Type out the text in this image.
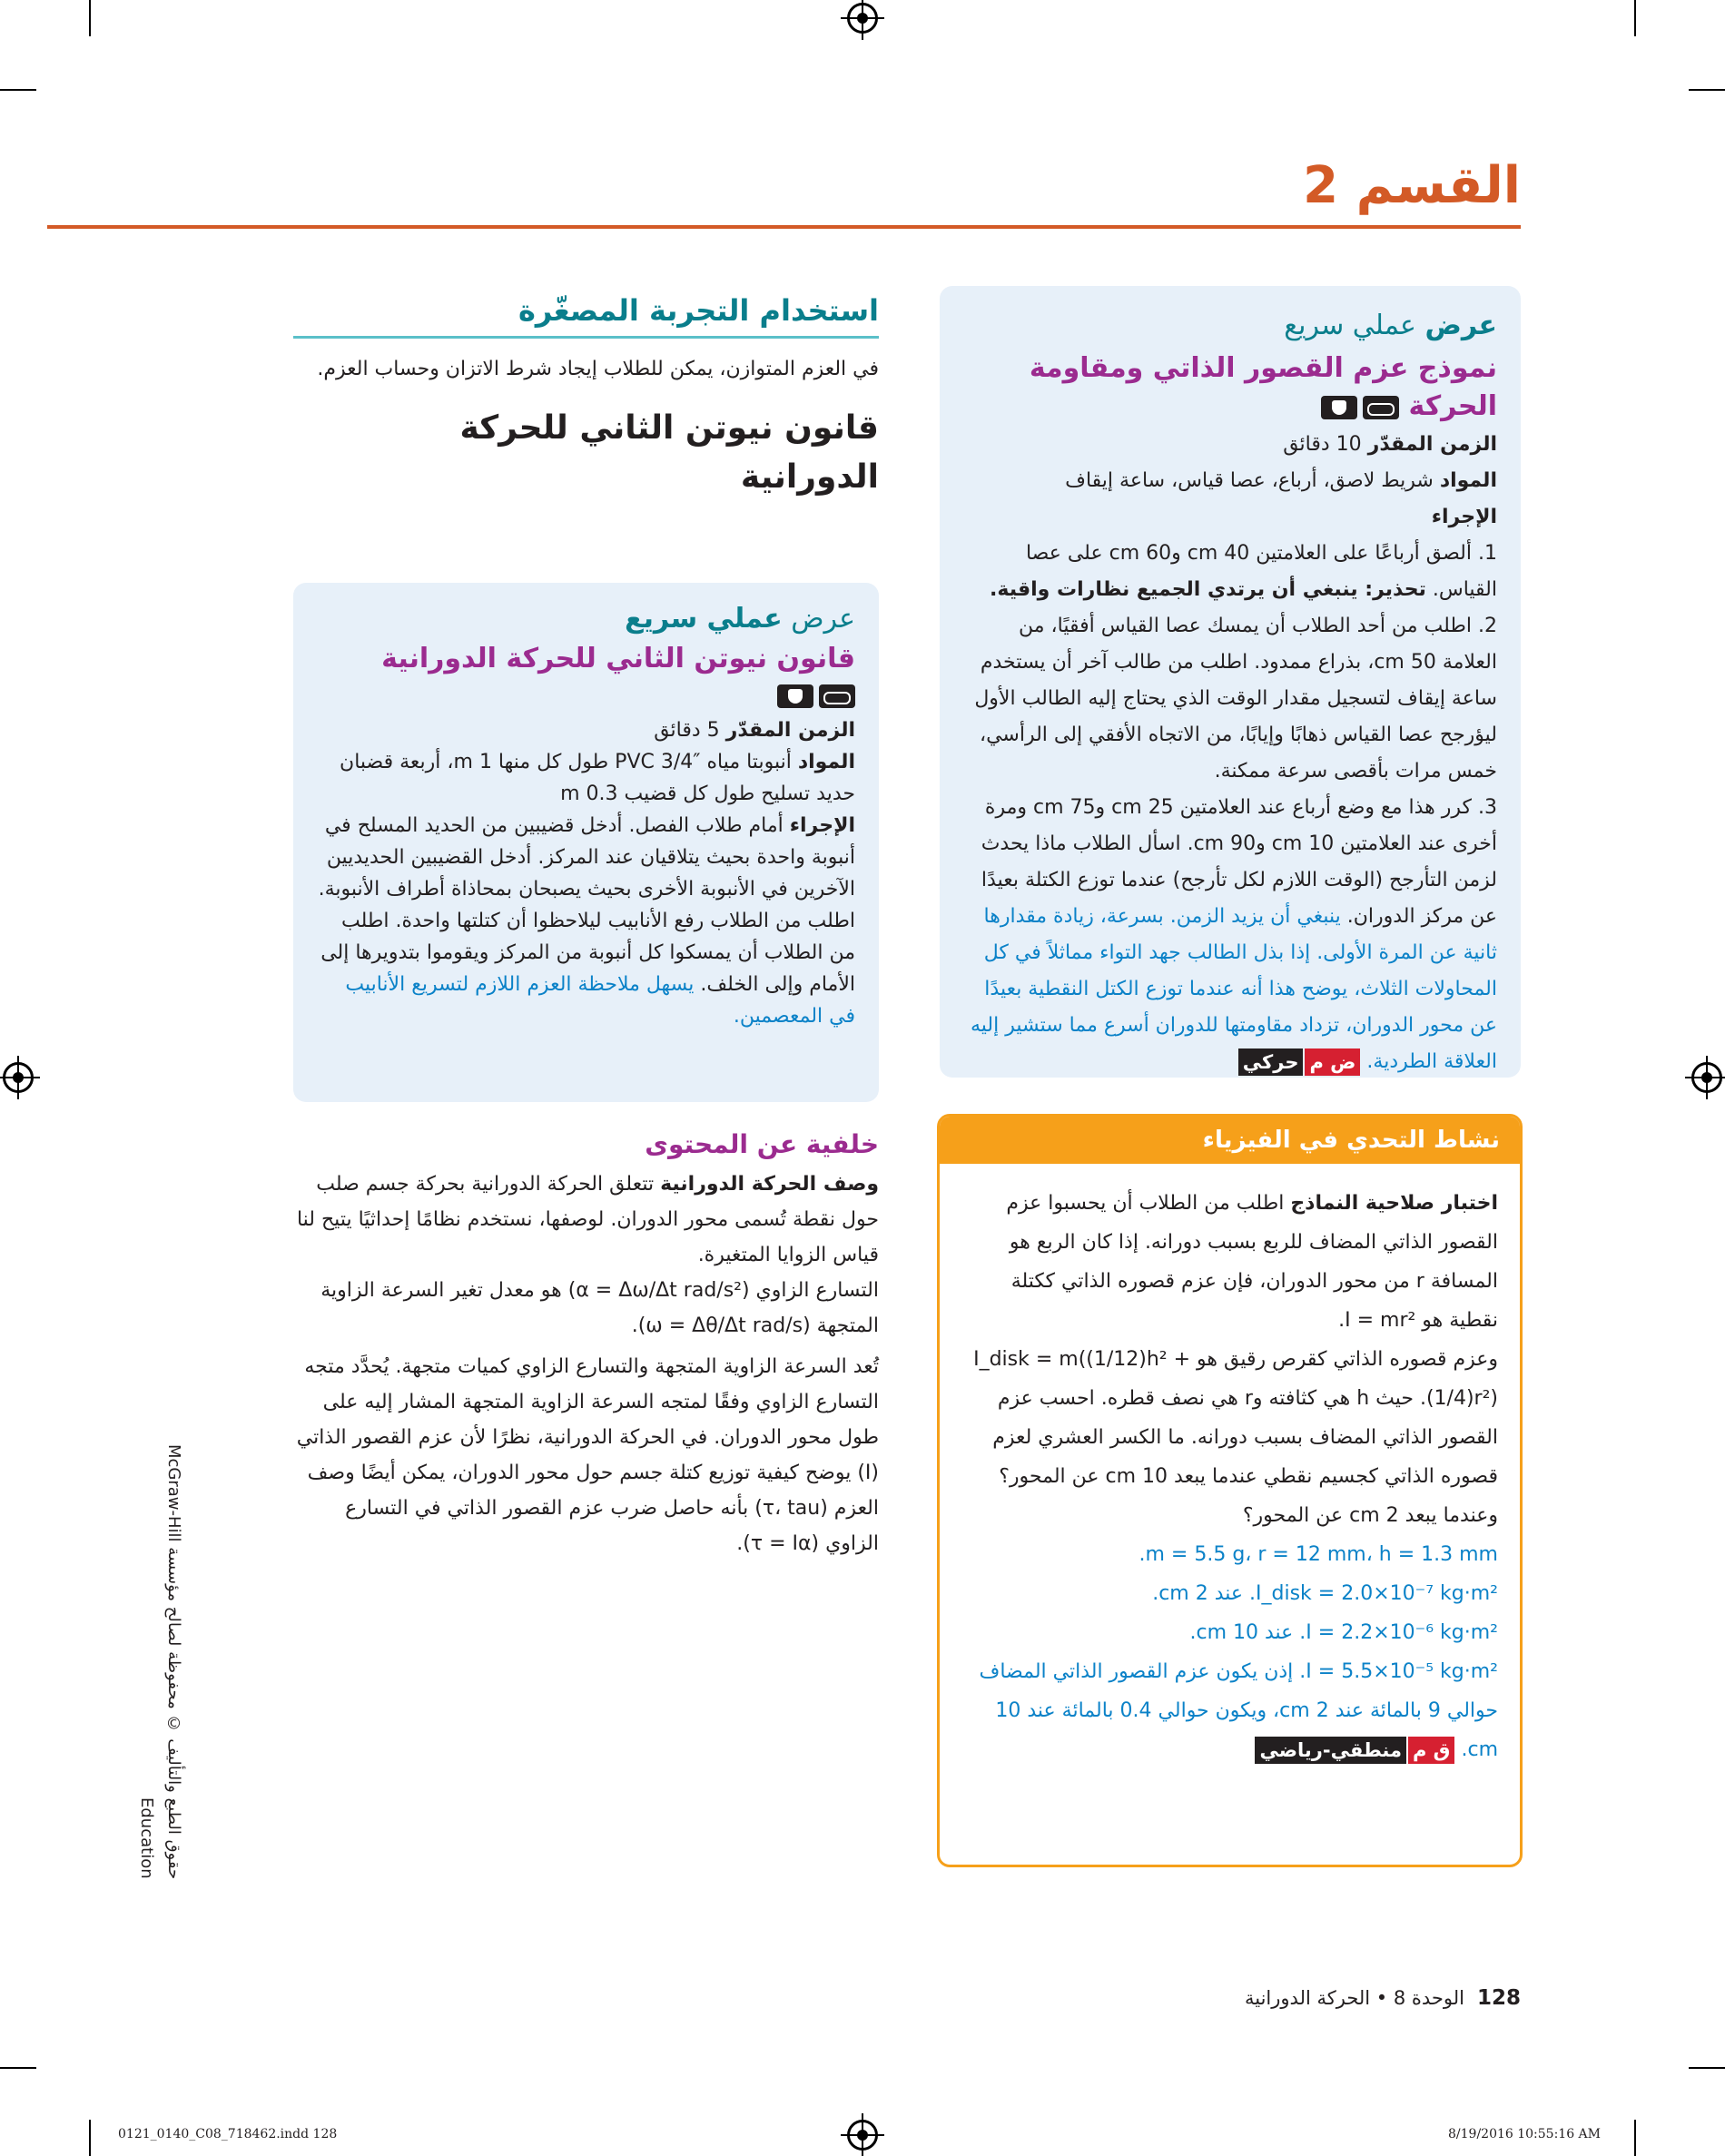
القسم 2
عرض عملي سريع
نموذج عزم القصور الذاتي ومقاومة الحركة
الزمن المقدّر 10 دقائق
المواد شريط لاصق، أرباع، عصا قياس، ساعة إيقاف
الإجراء
1. ألصق أرباعًا على العلامتين 40 cm و60 cm على عصا القياس. تحذير: ينبغي أن يرتدي الجميع نظارات واقية.
2. اطلب من أحد الطلاب أن يمسك عصا القياس أفقيًا، من العلامة 50 cm، بذراع ممدود. اطلب من طالب آخر أن يستخدم ساعة إيقاف لتسجيل مقدار الوقت الذي يحتاج إليه الطالب الأول ليؤرجح عصا القياس ذهابًا وإيابًا، من الاتجاه الأفقي إلى الرأسي، خمس مرات بأقصى سرعة ممكنة.
3. كرر هذا مع وضع أرباع عند العلامتين 25 cm و75 cm ومرة أخرى عند العلامتين 10 cm و90 cm. اسأل الطلاب ماذا يحدث لزمن التأرجح (الوقت اللازم لكل تأرجح) عندما توزع الكتلة بعيدًا عن مركز الدوران. ينبغي أن يزيد الزمن. بسرعة، زيادة مقدارها ثانية عن المرة الأولى. إذا بذل الطالب جهد التواء مماثلاً في كل المحاولات الثلاث، يوضح هذا أنه عندما توزع الكتل النقطية بعيدًا عن محور الدوران، تزداد مقاومتها للدوران أسرع مما ستشير إليه العلاقة الطردية. ض محركي
نشاط التحدي في الفيزياء
اختبار صلاحية النماذج اطلب من الطلاب أن يحسبوا عزم القصور الذاتي المضاف للربع بسبب دورانه. إذا كان الربع هو المسافة r من محور الدوران، فإن عزم قصوره الذاتي ككتلة نقطية هو I = mr².
وعزم قصوره الذاتي كقرص رقيق هو I_disk = m((1/12)h² + (1/4)r²). حيث h هي كثافته وr هي نصف قطره. احسب عزم القصور الذاتي المضاف بسبب دورانه. ما الكسر العشري لعزم قصوره الذاتي كجسيم نقطي عندما يبعد 10 cm عن المحور؟ وعندما يبعد 2 cm عن المحور؟
m = 5.5 g، r = 12 mm، h = 1.3 mm.
I_disk = 2.0×10⁻⁷ kg·m². عند 2 cm.
I = 2.2×10⁻⁶ kg·m². عند 10 cm.
I = 5.5×10⁻⁵ kg·m². إذن يكون عزم القصور الذاتي المضاف حوالي 9 بالمائة عند 2 cm، ويكون حوالي 0.4 بالمائة عند 10 cm. ق ممنطقي-رياضي
استخدام التجربة المصغّرة
في العزم المتوازن، يمكن للطلاب إيجاد شرط الاتزان وحساب العزم.
قانون نيوتن الثاني للحركة الدورانية
عرض عملي سريع
قانون نيوتن الثاني للحركة الدورانية
الزمن المقدّر 5 دقائق
المواد أنبوبتا مياه PVC 3/4″ طول كل منها 1 m، أربعة قضبان حديد تسليح طول كل قضيب 0.3 m
الإجراء أمام طلاب الفصل. أدخل قضيبين من الحديد المسلح في أنبوبة واحدة بحيث يتلاقيان عند المركز. أدخل القضيبين الحديديين الآخرين في الأنبوبة الأخرى بحيث يصبحان بمحاذاة أطراف الأنبوبة. اطلب من الطلاب رفع الأنابيب ليلاحظوا أن كتلتها واحدة. اطلب من الطلاب أن يمسكوا كل أنبوبة من المركز ويقوموا بتدويرها إلى الأمام وإلى الخلف. يسهل ملاحظة العزم اللازم لتسريع الأنابيب في المعصمين.
خلفية عن المحتوى
وصف الحركة الدورانية تتعلق الحركة الدورانية بحركة جسم صلب حول نقطة تُسمى محور الدوران. لوصفها، نستخدم نظامًا إحداثيًا يتيح لنا قياس الزوايا المتغيرة.
التسارع الزاوي (α = Δω/Δt rad/s²) هو معدل تغير السرعة الزاوية المتجهة (ω = Δθ/Δt rad/s).
تُعد السرعة الزاوية المتجهة والتسارع الزاوي كميات متجهة. يُحدَّد متجه التسارع الزاوي وفقًا لمتجه السرعة الزاوية المتجهة المشار إليه على طول محور الدوران. في الحركة الدورانية، نظرًا لأن عزم القصور الذاتي (I) يوضح كيفية توزيع كتلة جسم حول محور الدوران، يمكن أيضًا وصف العزم (τ، tau) بأنه حاصل ضرب عزم القصور الذاتي في التسارع الزاوي (τ = Iα).
حقوق الطبع والتأليف © محفوظة لصالح مؤسسة McGraw-Hill Education
128الوحدة 8 • الحركة الدورانية
0121_0140_C08_718462.indd 128	8/19/2016 10:55:16 AM
